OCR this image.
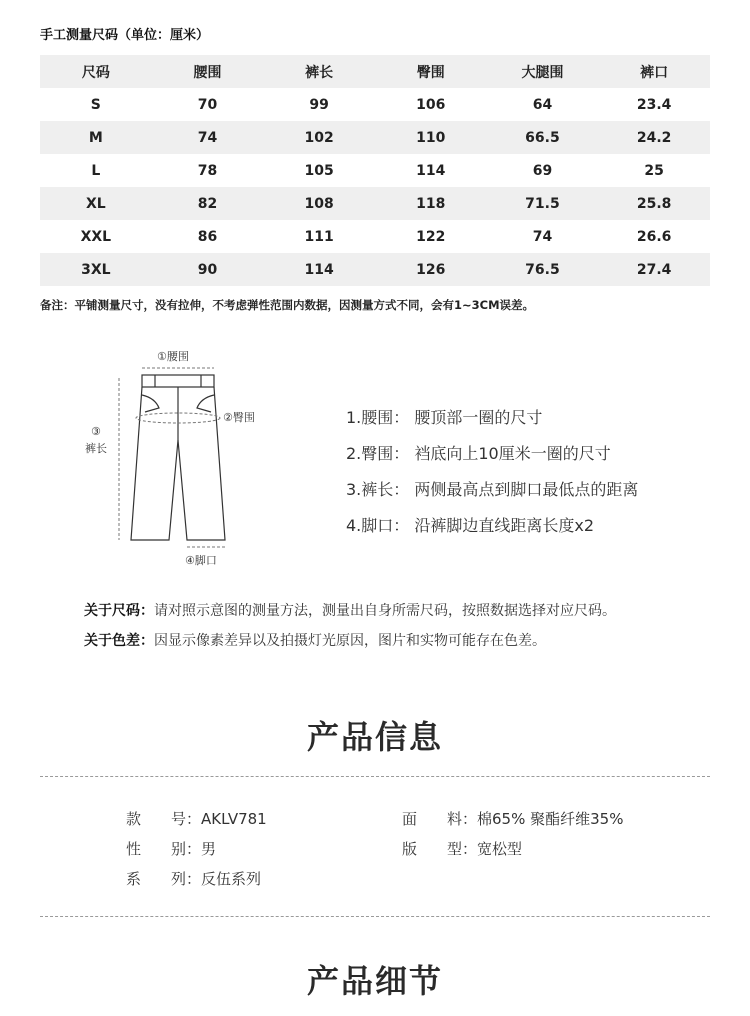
手工测量尺码（单位：厘米）
尺码	腰围	裤长	臀围	大腿围	裤口
S	70	99	106	64	23.4
M	74	102	110	66.5	24.2
L	78	105	114	69	25
XL	82	108	118	71.5	25.8
XXL	86	111	122	74	26.6
3XL	90	114	126	76.5	27.4
备注：平铺测量尺寸，没有拉伸，不考虑弹性范围内数据，因测量方式不同，会有1~3CM误差。
①腰围
②臀围
③
裤长
④脚口
1.腰围： 腰顶部一圈的尺寸
2.臀围： 裆底向上10厘米一圈的尺寸
3.裤长： 两侧最高点到脚口最低点的距离
4.脚口： 沿裤脚边直线距离长度x2
关于尺码：请对照示意图的测量方法，测量出自身所需尺码，按照数据选择对应尺码。
关于色差：因显示像素差异以及拍摄灯光原因，图片和实物可能存在色差。
产品信息
款　　号：AKLV781	面　　料：棉65% 聚酯纤维35%
性　　别：男	版　　型：宽松型
系　　列：反伍系列
产品细节
